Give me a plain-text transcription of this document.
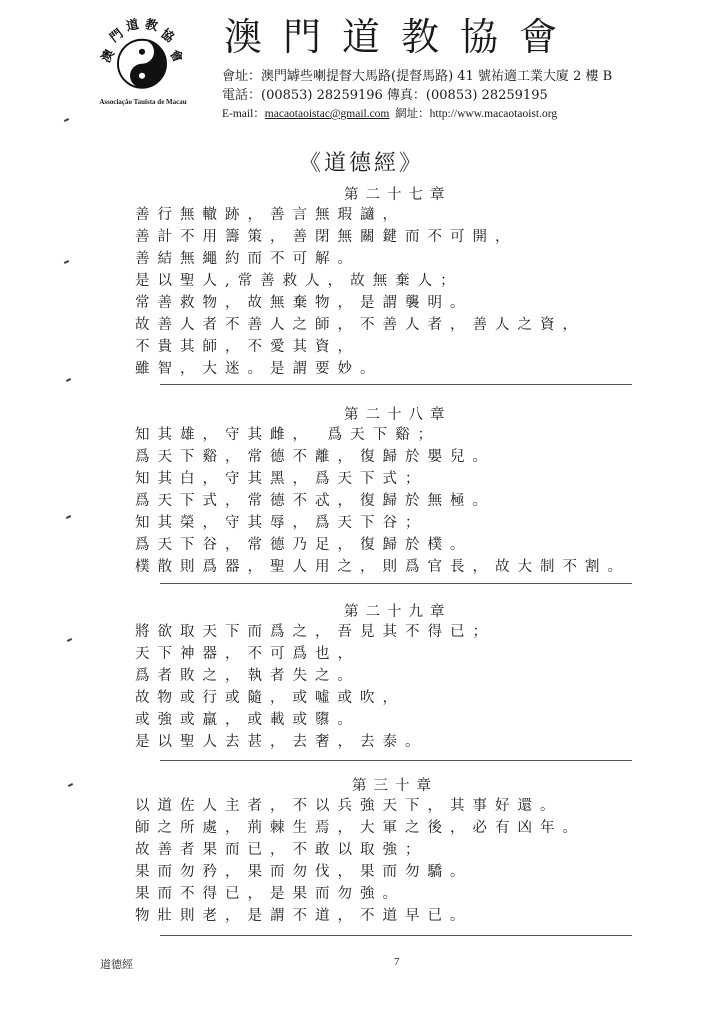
澳
門
道 教
協
會
Associação Tauista de Macau
澳門道教協會
會址：澳門罅些喇提督大馬路(提督馬路) 41 號祐適工業大廈 2 樓 B
電話：(00853) 28259196 傳真：(00853) 28259195
E-mail：macaotaoistac@gmail.com 網址：http://www.macaotaoist.org
《道德經》
第二十七章
善行無轍跡，善言無瑕讁，
善計不用籌策，善閉無關鍵而不可開，
善結無繩約而不可解。
是以聖人,常善救人，故無棄人；
常善救物，故無棄物，是謂襲明。
故善人者不善人之師，不善人者，善人之資，
不貴其師，不愛其資，
雖智，大迷。是謂要妙。
第二十八章
知其雄，守其雌， 爲天下谿；
爲天下谿，常德不離，復歸於嬰兒。
知其白，守其黑，爲天下式；
爲天下式，常德不忒，復歸於無極。
知其榮，守其辱，爲天下谷；
爲天下谷，常德乃足，復歸於樸。
樸散則爲器，聖人用之，則爲官長，故大制不割。
第二十九章
將欲取天下而爲之，吾見其不得已；
天下神器，不可爲也，
爲者敗之，執者失之。
故物或行或隨，或噓或吹，
或強或羸，或載或隳。
是以聖人去甚，去奢，去泰。
第三十章
以道佐人主者，不以兵強天下，其事好還。
師之所處，荊棘生焉，大軍之後，必有凶年。
故善者果而已，不敢以取強；
果而勿矜，果而勿伐，果而勿驕。
果而不得已，是果而勿強。
物壯則老，是謂不道，不道早已。
道德經	7
